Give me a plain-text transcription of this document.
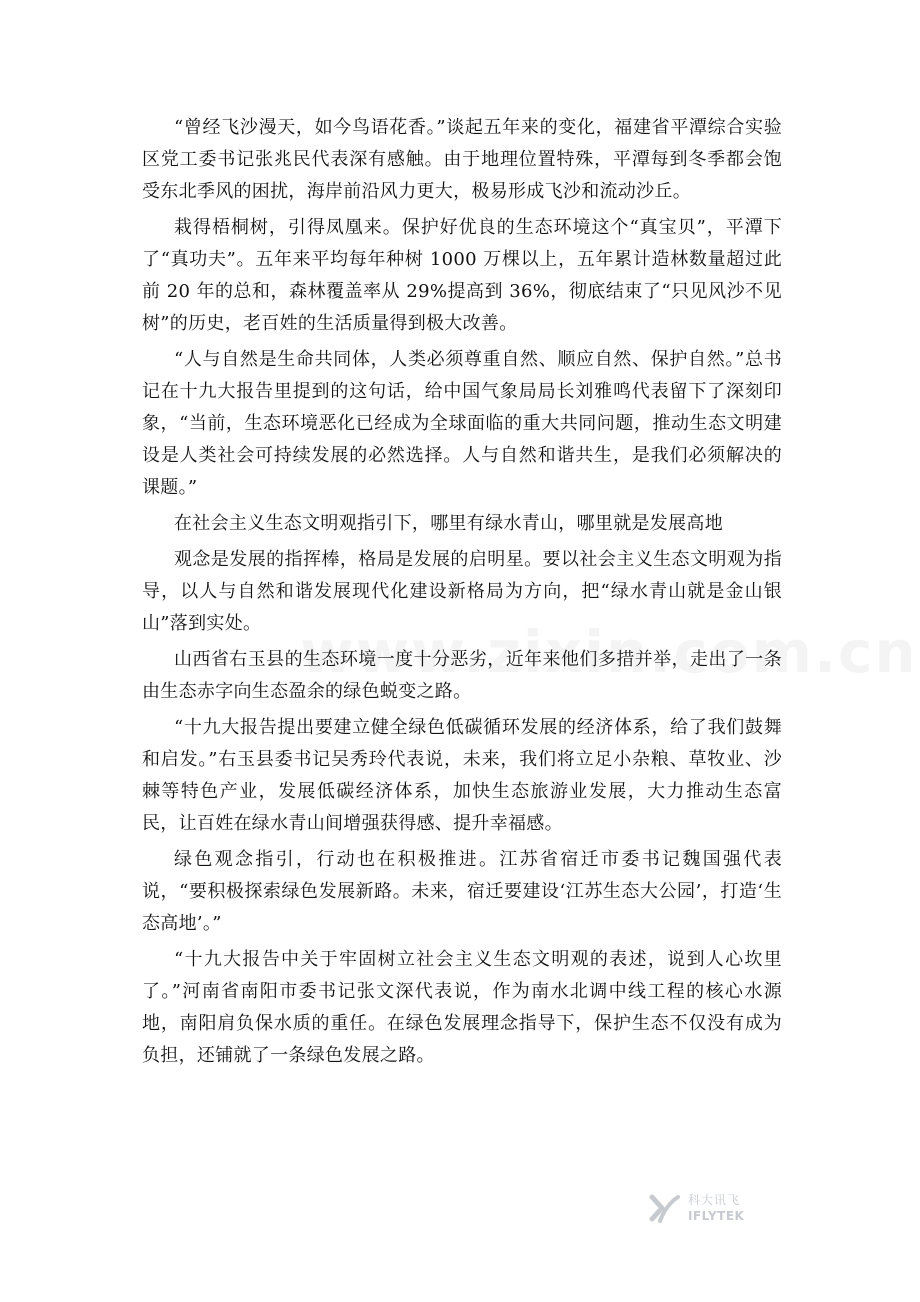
“曾经飞沙漫天，如今鸟语花香。”谈起五年来的变化，福建省平潭综合实验区党工委书记张兆民代表深有感触。由于地理位置特殊，平潭每到冬季都会饱受东北季风的困扰，海岸前沿风力更大，极易形成飞沙和流动沙丘。

栽得梧桐树，引得凤凰来。保护好优良的生态环境这个“真宝贝”，平潭下了“真功夫”。五年来平均每年种树 1000 万棵以上，五年累计造林数量超过此前 20 年的总和，森林覆盖率从 29%提高到 36%，彻底结束了“只见风沙不见树”的历史，老百姓的生活质量得到极大改善。

“人与自然是生命共同体，人类必须尊重自然、顺应自然、保护自然。”总书记在十九大报告里提到的这句话，给中国气象局局长刘雅鸣代表留下了深刻印象，“当前，生态环境恶化已经成为全球面临的重大共同问题，推动生态文明建设是人类社会可持续发展的必然选择。人与自然和谐共生，是我们必须解决的课题。”

在社会主义生态文明观指引下，哪里有绿水青山，哪里就是发展高地

观念是发展的指挥棒，格局是发展的启明星。要以社会主义生态文明观为指导，以人与自然和谐发展现代化建设新格局为方向，把“绿水青山就是金山银山”落到实处。

山西省右玉县的生态环境一度十分恶劣，近年来他们多措并举，走出了一条由生态赤字向生态盈余的绿色蜕变之路。

“十九大报告提出要建立健全绿色低碳循环发展的经济体系，给了我们鼓舞和启发。”右玉县委书记吴秀玲代表说，未来，我们将立足小杂粮、草牧业、沙棘等特色产业，发展低碳经济体系，加快生态旅游业发展，大力推动生态富民，让百姓在绿水青山间增强获得感、提升幸福感。

绿色观念指引，行动也在积极推进。江苏省宿迁市委书记魏国强代表说，“要积极探索绿色发展新路。未来，宿迁要建设‘江苏生态大公园’，打造‘生态高地’。”

“十九大报告中关于牢固树立社会主义生态文明观的表述，说到人心坎里了。”河南省南阳市委书记张文深代表说，作为南水北调中线工程的核心水源地，南阳肩负保水质的重任。在绿色发展理念指导下，保护生态不仅没有成为负担，还铺就了一条绿色发展之路。

科大讯飞
IFLYTEK
